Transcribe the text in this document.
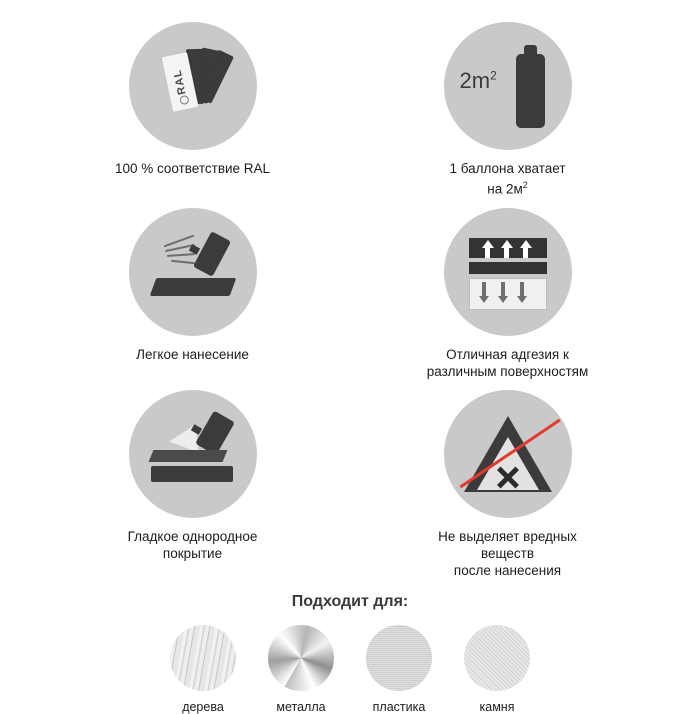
RAL
100 % соответствие RAL
$2m^2$
1 баллона хватает
на $2м^2$
Легкое нанесение	Отличная адгезия к
различным поверхностям
Гладкое однородное
покрытие
Не выделяет вредных
веществ
после нанесения
Подходит для:
дерева	металла	пластика	камня
